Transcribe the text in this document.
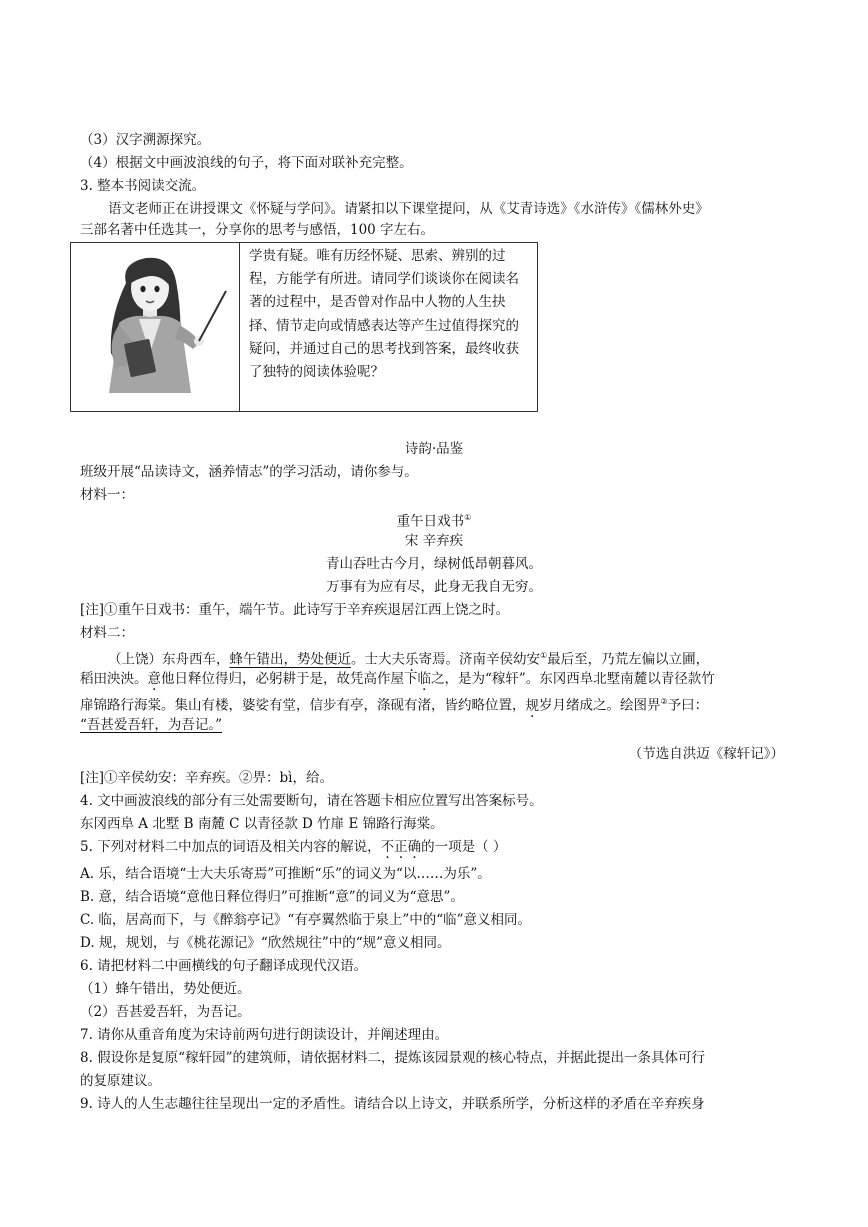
（3）汉字溯源探究。
（4）根据文中画波浪线的句子，将下面对联补充完整。
3. 整本书阅读交流。
语文老师正在讲授课文《怀疑与学问》。请紧扣以下课堂提问，从《艾青诗选》《水浒传》《儒林外史》
三部名著中任选其一，分享你的思考与感悟，100 字左右。
学贵有疑。唯有历经怀疑、思索、辨别的过程，方能学有所进。请同学们谈谈你在阅读名著的过程中，是否曾对作品中人物的人生抉择、情节走向或情感表达等产生过值得探究的疑问，并通过自己的思考找到答案，最终收获了独特的阅读体验呢？
诗韵·品鉴
班级开展“品读诗文，涵养情志”的学习活动，请你参与。
材料一：
重午日戏书①
宋 辛弃疾
青山吞吐古今月，绿树低昂朝暮风。
万事有为应有尽，此身无我自无穷。
[注]①重午日戏书：重午，端午节。此诗写于辛弃疾退居江西上饶之时。
材料二：
（上饶）东舟西车，蜂午错出，势处便近。士大夫乐寄焉。济南辛侯幼安①最后至，乃荒左偏以立圃，
稻田泱泱。意他日释位得归，必躬耕于是，故凭高作屋下临之，是为“稼轩”。东冈西阜北墅南麓以青径款竹
扉锦路行海棠。集山有楼，婆娑有堂，信步有亭，涤砚有渚，皆约略位置，规岁月绪成之。绘图畀②予曰：
“吾甚爱吾轩，为吾记。”
（节选自洪迈《稼轩记》）
[注]①辛侯幼安：辛弃疾。②畀：bì，给。
4. 文中画波浪线的部分有三处需要断句，请在答题卡相应位置写出答案标号。
东冈西阜 A 北墅 B 南麓 C 以青径款 D 竹扉 E 锦路行海棠。
5. 下列对材料二中加点的词语及相关内容的解说，不正确的一项是（ ）
A. 乐，结合语境“士大夫乐寄焉”可推断“乐”的词义为“以……为乐”。
B. 意，结合语境“意他日释位得归”可推断“意”的词义为“意思”。
C. 临，居高而下，与《醉翁亭记》“有亭翼然临于泉上”中的“临”意义相同。
D. 规，规划，与《桃花源记》“欣然规往”中的“规”意义相同。
6. 请把材料二中画横线的句子翻译成现代汉语。
（1）蜂午错出，势处便近。
（2）吾甚爱吾轩，为吾记。
7. 请你从重音角度为宋诗前两句进行朗读设计，并阐述理由。
8. 假设你是复原“稼轩园”的建筑师，请依据材料二，提炼该园景观的核心特点，并据此提出一条具体可行
的复原建议。
9. 诗人的人生志趣往往呈现出一定的矛盾性。请结合以上诗文，并联系所学，分析这样的矛盾在辛弃疾身
